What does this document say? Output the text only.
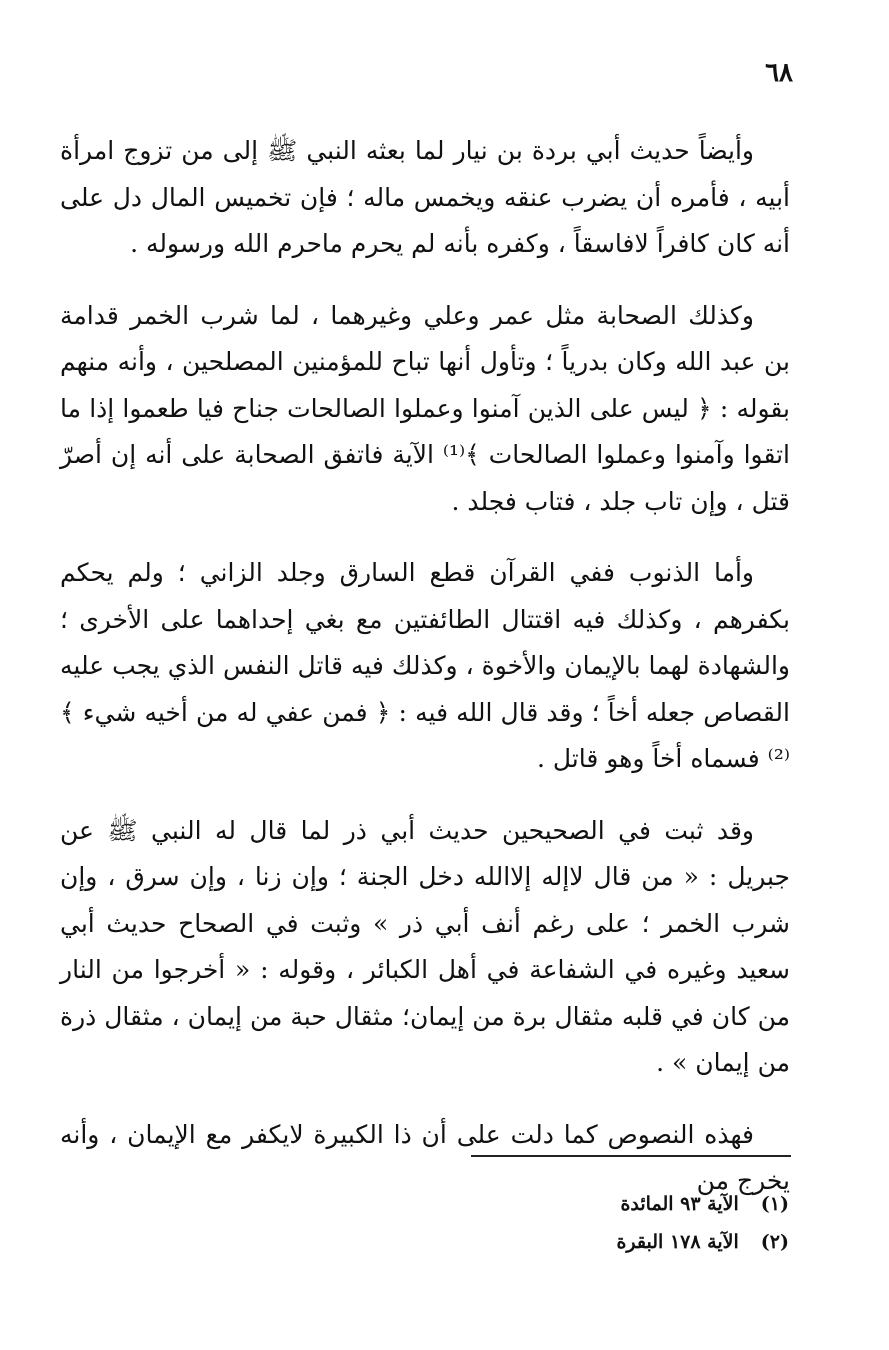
٦٨

وأيضاً حديث أبي بردة بن نيار لما بعثه النبي ﷺ إلى من تزوج امرأة أبيه ، فأمره أن يضرب عنقه ويخمس ماله ؛ فإن تخميس المال دل على أنه كان كافراً لافاسقاً ، وكفره بأنه لم يحرم ماحرم الله ورسوله .

وكذلك الصحابة مثل عمر وعلي وغيرهما ، لما شرب الخمر قدامة بن عبد الله وكان بدرياً ؛ وتأول أنها تباح للمؤمنين المصلحين ، وأنه منهم بقوله : ﴿ ليس على الذين آمنوا وعملوا الصالحات جناح فيا طعموا إذا ما اتقوا وآمنوا وعملوا الصالحات ﴾⁽¹⁾ الآية فاتفق الصحابة على أنه إن أصرّ قتل ، وإن تاب جلد ، فتاب فجلد .

وأما الذنوب ففي القرآن قطع السارق وجلد الزاني ؛ ولم يحكم بكفرهم ، وكذلك فيه اقتتال الطائفتين مع بغي إحداهما على الأخرى ؛ والشهادة لهما بالإيمان والأخوة ، وكذلك فيه قاتل النفس الذي يجب عليه القصاص جعله أخاً ؛ وقد قال الله فيه : ﴿ فمن عفي له من أخيه شيء ﴾⁽²⁾ فسماه أخاً وهو قاتل .

وقد ثبت في الصحيحين حديث أبي ذر لما قال له النبي ﷺ عن جبريل : « من قال لاإله إلاالله دخل الجنة ؛ وإن زنا ، وإن سرق ، وإن شرب الخمر ؛ على رغم أنف أبي ذر » وثبت في الصحاح حديث أبي سعيد وغيره في الشفاعة في أهل الكبائر ، وقوله : « أخرجوا من النار من كان في قلبه مثقال برة من إيمان؛ مثقال حبة من إيمان ، مثقال ذرة من إيمان » .

فهذه النصوص كما دلت على أن ذا الكبيرة لايكفر مع الإيمان ، وأنه يخرج من

(١)
الآية ٩٣ المائدة
(٢)
الآية ١٧٨ البقرة
